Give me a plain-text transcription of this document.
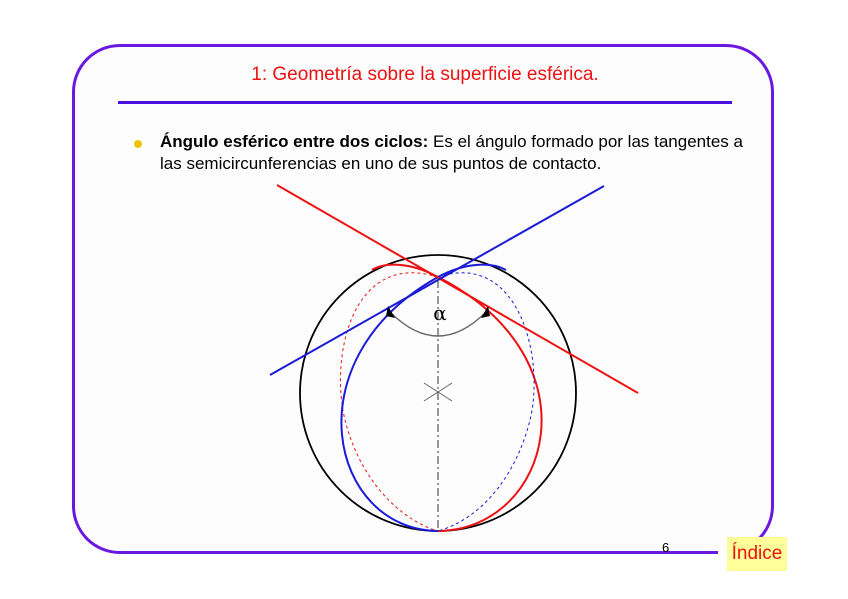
1: Geometría sobre la superficie esférica.
Ángulo esférico entre dos ciclos: Es el ángulo formado por las tangentes a las semicircunferencias en uno de sus puntos de contacto.
α
6	Índice
